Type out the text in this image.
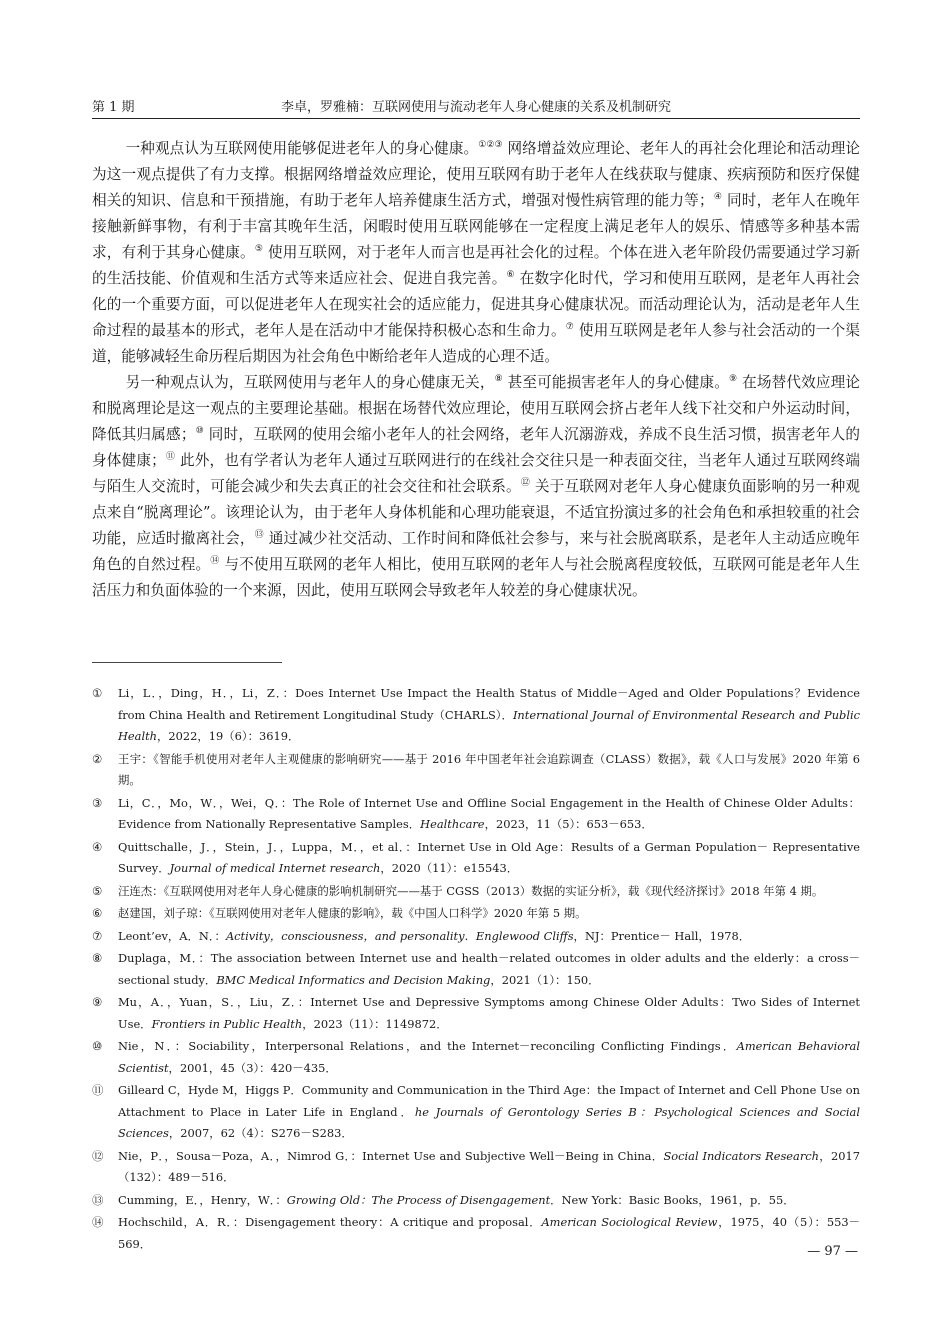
第 1 期	李卓，罗雅楠：互联网使用与流动老年人身心健康的关系及机制研究

一种观点认为互联网使用能够促进老年人的身心健康。①②③ 网络增益效应理论、老年人的再社会化理论和活动理论为这一观点提供了有力支撑。根据网络增益效应理论，使用互联网有助于老年人在线获取与健康、疾病预防和医疗保健相关的知识、信息和干预措施，有助于老年人培养健康生活方式，增强对慢性病管理的能力等；④ 同时，老年人在晚年接触新鲜事物，有利于丰富其晚年生活，闲暇时使用互联网能够在一定程度上满足老年人的娱乐、情感等多种基本需求，有利于其身心健康。⑤ 使用互联网，对于老年人而言也是再社会化的过程。个体在进入老年阶段仍需要通过学习新的生活技能、价值观和生活方式等来适应社会、促进自我完善。⑥ 在数字化时代，学习和使用互联网，是老年人再社会化的一个重要方面，可以促进老年人在现实社会的适应能力，促进其身心健康状况。而活动理论认为，活动是老年人生命过程的最基本的形式，老年人是在活动中才能保持积极心态和生命力。⑦ 使用互联网是老年人参与社会活动的一个渠道，能够减轻生命历程后期因为社会角色中断给老年人造成的心理不适。

另一种观点认为，互联网使用与老年人的身心健康无关，⑧ 甚至可能损害老年人的身心健康。⑨ 在场替代效应理论和脱离理论是这一观点的主要理论基础。根据在场替代效应理论，使用互联网会挤占老年人线下社交和户外运动时间，降低其归属感；⑩ 同时，互联网的使用会缩小老年人的社会网络，老年人沉溺游戏，养成不良生活习惯，损害老年人的身体健康；⑪ 此外，也有学者认为老年人通过互联网进行的在线社会交往只是一种表面交往，当老年人通过互联网终端与陌生人交流时，可能会减少和失去真正的社会交往和社会联系。⑫ 关于互联网对老年人身心健康负面影响的另一种观点来自“脱离理论”。该理论认为，由于老年人身体机能和心理功能衰退，不适宜扮演过多的社会角色和承担较重的社会功能，应适时撤离社会，⑬ 通过减少社交活动、工作时间和降低社会参与，来与社会脱离联系，是老年人主动适应晚年角色的自然过程。⑭ 与不使用互联网的老年人相比，使用互联网的老年人与社会脱离程度较低，互联网可能是老年人生活压力和负面体验的一个来源，因此，使用互联网会导致老年人较差的身心健康状况。

① Li，L．，Ding，H．，Li，Z．：Does Internet Use Impact the Health Status of Middle－Aged and Older Populations？Evidence from China Health and Retirement Longitudinal Study（CHARLS）．International Journal of Environmental Research and Public Health，2022，19（6）：3619．
② 王宇：《智能手机使用对老年人主观健康的影响研究——基于 2016 年中国老年社会追踪调查（CLASS）数据》，载《人口与发展》2020 年第 6 期。
③ Li，C．，Mo，W．，Wei，Q．：The Role of Internet Use and Offline Social Engagement in the Health of Chinese Older Adults：Evidence from Nationally Representative Samples．Healthcare，2023，11（5）：653－653．
④ Quittschalle，J．，Stein，J．，Luppa，M．，et al．：Internet Use in Old Age：Results of a German Population－ Representative Survey．Journal of medical Internet research，2020（11）：e15543．
⑤ 汪连杰：《互联网使用对老年人身心健康的影响机制研究——基于 CGSS（2013）数据的实证分析》，载《现代经济探讨》2018 年第 4 期。
⑥ 赵建国，刘子琼：《互联网使用对老年人健康的影响》，载《中国人口科学》2020 年第 5 期。
⑦ Leont’ev，A．N．：Activity，consciousness，and personality．Englewood Cliffs，NJ：Prentice－ Hall，1978．
⑧ Duplaga，M．：The association between Internet use and health－related outcomes in older adults and the elderly：a cross－sectional study．BMC Medical Informatics and Decision Making，2021（1）：150．
⑨ Mu，A．，Yuan，S．，Liu，Z．：Internet Use and Depressive Symptoms among Chinese Older Adults：Two Sides of Internet Use．Frontiers in Public Health，2023（11）：1149872．
⑩ Nie，N．：Sociability，Interpersonal Relations，and the Internet－reconciling Conflicting Findings．American Behavioral Scientist，2001，45（3）：420－435．
⑪ Gilleard C，Hyde M，Higgs P．Community and Communication in the Third Age：the Impact of Internet and Cell Phone Use on Attachment to Place in Later Life in England．he Journals of Gerontology Series B：Psychological Sciences and Social Sciences，2007，62（4）：S276－S283．
⑫ Nie，P．，Sousa－Poza，A．，Nimrod G．：Internet Use and Subjective Well－Being in China．Social Indicators Research，2017（132）：489－516．
⑬ Cumming，E．，Henry，W．：Growing Old：The Process of Disengagement．New York：Basic Books，1961，p．55．
⑭ Hochschild，A．R．：Disengagement theory：A critique and proposal．American Sociological Review，1975，40（5）：553－569．
— 97 —
